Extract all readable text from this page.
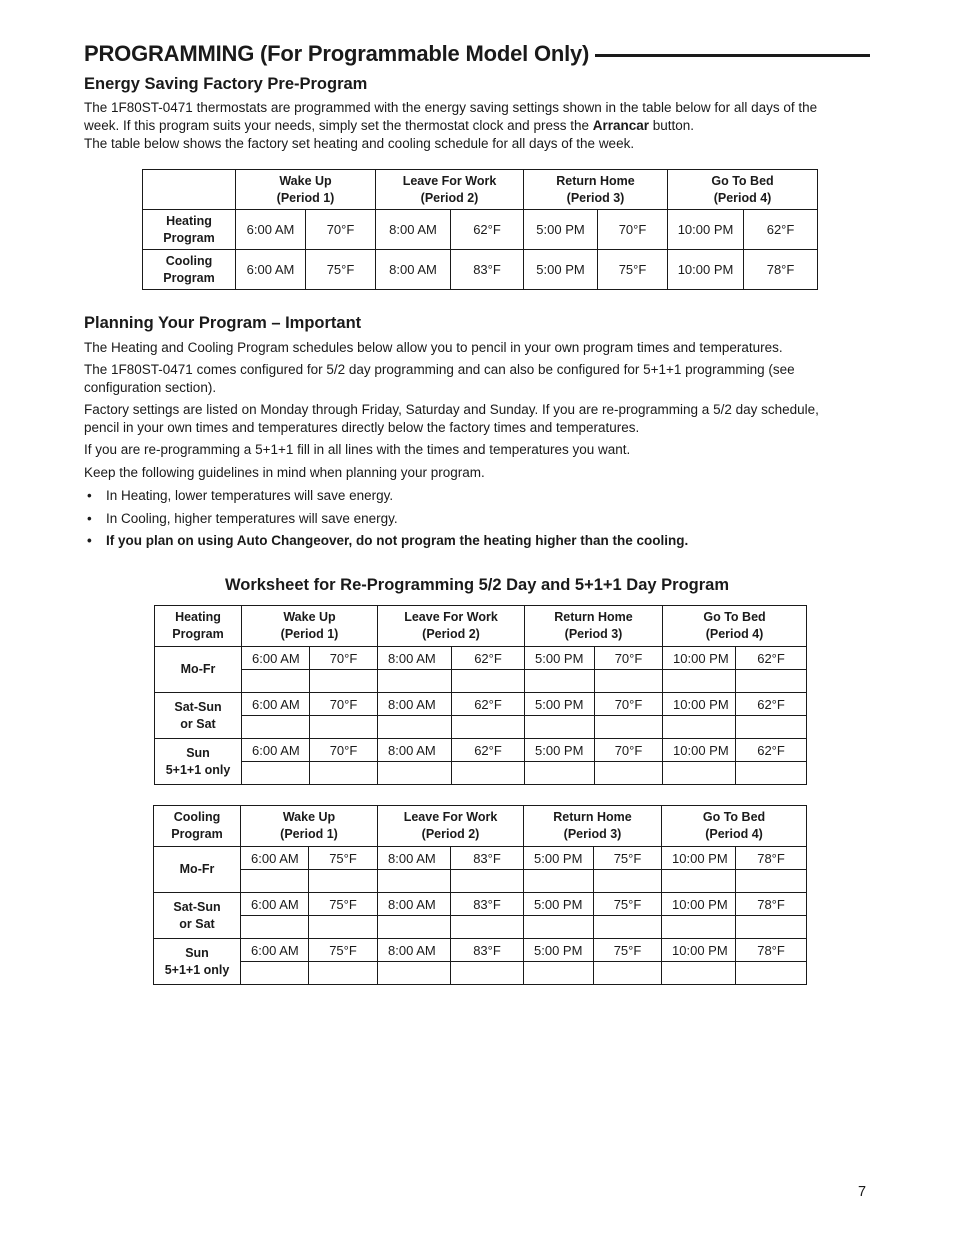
PROGRAMMING (For Programmable Model Only)
Energy Saving Factory Pre-Program

The 1F80ST-0471 thermostats are programmed with the energy saving settings shown in the table below for all days of the

week. If this program suits your needs, simply set the thermostat clock and press the Arrancar button.

The table below shows the factory set heating and cooling schedule for all days of the week.

	Wake Up
(Period 1)		Leave For Work
(Period 2)		Return Home
(Period 3)		Go To Bed
(Period 4)	
Heating
Program	6:00 AM	70°F	8:00 AM	62°F	5:00 PM	70°F	10:00 PM	62°F
Cooling
Program	6:00 AM	75°F	8:00 AM	83°F	5:00 PM	75°F	10:00 PM	78°F
Planning Your Program – Important

The Heating and Cooling Program schedules below allow you to pencil in your own program times and temperatures.

The 1F80ST-0471 comes configured for 5/2 day programming and can also be configured for 5+1+1 programming (see

configuration section).

Factory settings are listed on Monday through Friday, Saturday and Sunday. If you are re-programming a 5/2 day schedule,

pencil in your own times and temperatures directly below the factory times and temperatures.

If you are re-programming a 5+1+1 fill in all lines with the times and temperatures you want.

Keep the following guidelines in mind when planning your program.

• In Heating, lower temperatures will save energy.
• In Cooling, higher temperatures will save energy.
• If you plan on using Auto Changeover, do not program the heating higher than the cooling.
Worksheet for Re-Programming 5/2 Day and 5+1+1 Day Program
Heating
Program	Wake Up
(Period 1)		Leave For Work
(Period 2)		Return Home
(Period 3)		Go To Bed
(Period 4)	
Mo-Fr	6:00 AM	70°F	8:00 AM	62°F	5:00 PM	70°F	10:00 PM	62°F

Sat-Sun
or Sat	6:00 AM	70°F	8:00 AM	62°F	5:00 PM	70°F	10:00 PM	62°F

Sun
5+1+1 only	6:00 AM	70°F	8:00 AM	62°F	5:00 PM	70°F	10:00 PM	62°F

Cooling
Program	Wake Up
(Period 1)		Leave For Work
(Period 2)		Return Home
(Period 3)		Go To Bed
(Period 4)	
Mo-Fr	6:00 AM	75°F	8:00 AM	83°F	5:00 PM	75°F	10:00 PM	78°F

Sat-Sun
or Sat	6:00 AM	75°F	8:00 AM	83°F	5:00 PM	75°F	10:00 PM	78°F

Sun
5+1+1 only	6:00 AM	75°F	8:00 AM	83°F	5:00 PM	75°F	10:00 PM	78°F

7
